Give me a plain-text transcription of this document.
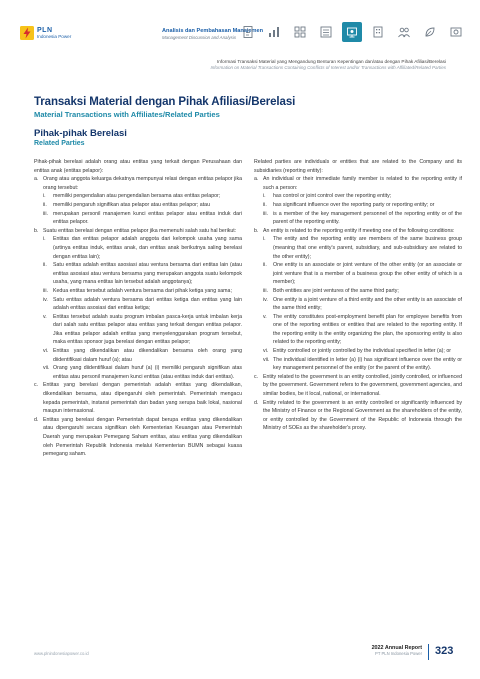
PLN
Indonesia Power
Analisis dan Pembahasan Manajemen
Management Discussion and Analysis
Informasi Transaksi Material yang Mengandung Benturan Kepentingan dan/atau dengan Pihak Afiliasi/Berelasi
Information on Material Transactions Containing Conflicts of Interest and/or Transactions with Affiliated/Related Parties
Transaksi Material dengan Pihak Afiliasi/Berelasi
Material Transactions with Affiliates/Related Parties
Pihak-pihak Berelasi
Related Parties

Pihak-pihak berelasi adalah orang atau entitas yang terkait dengan Perusahaan dan entitas anak (entitas pelapor):

a. Orang atau anggota keluarga dekatnya mempunyai relasi dengan entitas pelapor jika orang tersebut:
i.	memiliki pengendalian atau pengendalian bersama atas entitas pelapor;
ii.	memiliki pengaruh signifikan atas pelapor atau entitas pelapor; atau
iii. merupakan personil manajemen kunci entitas pelapor atau entitas induk dari entitas pelapor.
b. Suatu entitas berelasi dengan entitas pelapor jika memenuhi salah satu hal berikut:
i.	Entitas dan entitas pelapor adalah anggota dari kelompok usaha yang sama (artinya entitas induk, entitas anak, dan entitas anak berikutnya saling berelasi dengan entitas lain);
ii.	Satu entitas adalah entitas asosiasi atau ventura bersama dari entitas lain (atau entitas asosiasi atau ventura bersama yang merupakan anggota suatu kelompok usaha, yang mana entitas lain tersebut adalah anggotanya);
iii. Kedua entitas tersebut adalah ventura bersama dari pihak ketiga yang sama;
iv. Satu entitas adalah ventura bersama dari entitas ketiga dan entitas yang lain adalah entitas asosiasi dari entitas ketiga;
v.	Entitas tersebut adalah suatu program imbalan pasca-kerja untuk imbalan kerja dari salah satu entitas pelapor atau entitas yang terkait dengan entitas pelapor. Jika entitas pelapor adalah entitas yang menyelenggarakan program tersebut, maka entitas sponsor juga berelasi dengan entitas pelapor;
vi. Entitas yang dikendalikan atau dikendalikan bersama oleh orang yang diidentifikasi dalam huruf (a); atau
vii. Orang yang diidentifikasi dalam huruf (a) (i) memiliki pengaruh signifikan atas entitas atau personil manajemen kunci entitas (atau entitas induk dari entitas).
c. Entitas yang berelasi dengan pemerintah adalah entitas yang dikendalikan, dikendalikan bersama, atau dipengaruhi oleh pemerintah. Pemerintah mengacu kepada pemerintah, instansi pemerintah dan badan yang serupa baik lokal, nasional maupun internasional.
d. Entitas yang berelasi dengan Pemerintah dapat berupa entitas yang dikendalikan atau dipengaruhi secara signifikan oleh Kementerian Keuangan atau Pemerintah Daerah yang merupakan Pemegang Saham entitas, atau entitas yang dikendalikan oleh Pemerintah Republik Indonesia melalui Kementerian BUMN sebagai kuasa pemegang saham.

Related parties are individuals or entities that are related to the Company and its subsidiaries (reporting entity):

a. An individual or their immediate family member is related to the reporting entity if such a person:
i.	has control or joint control over the reporting entity;
ii.	has significant influence over the reporting party or reporting entity; or
iii. is a member of the key management personnel of the reporting entity or of the parent of the reporting entity.
b. An entity is related to the reporting entity if meeting one of the following conditions:
i.	The entity and the reporting entity are members of the same business group (meaning that one entity's parent, subsidiary, and sub-subsidiary are related to the other entity);
ii.	One entity is an associate or joint venture of the other entity (or an associate or joint venture that is a member of a business group the other entity of which is a member);
iii. Both entities are joint ventures of the same third party;
iv. One entity is a joint venture of a third entity and the other entity is an associate of the same third entity;
v.	The entity constitutes post-employment benefit plan for employee benefits from one of the reporting entities or entities that are related to the reporting entity. If the reporting entity is the entity organizing the plan, the sponsoring entity is also related to the reporting entity;
vi. Entity controlled or jointly controlled by the individual specified in letter (a); or
vii. The individual identified in letter (a) (i) has significant influence over the entity or key management personnel of the entity (or the parent of the entity).
c. Entity related to the government is an entity controlled, jointly controlled, or influenced by the government. Government refers to the government, government agencies, and similar bodies, be it local, national, or international.
d. Entity related to the government is an entity controlled or significantly influenced by the Ministry of Finance or the Regional Government as the shareholders of the entity, or entity controlled by the Government of the Republic of Indonesia through the Ministry of SOEs as the shareholder's proxy.
www.plnindonesiapower.co.id
2022 Annual Report
PT PLN Indonesia Power 323
